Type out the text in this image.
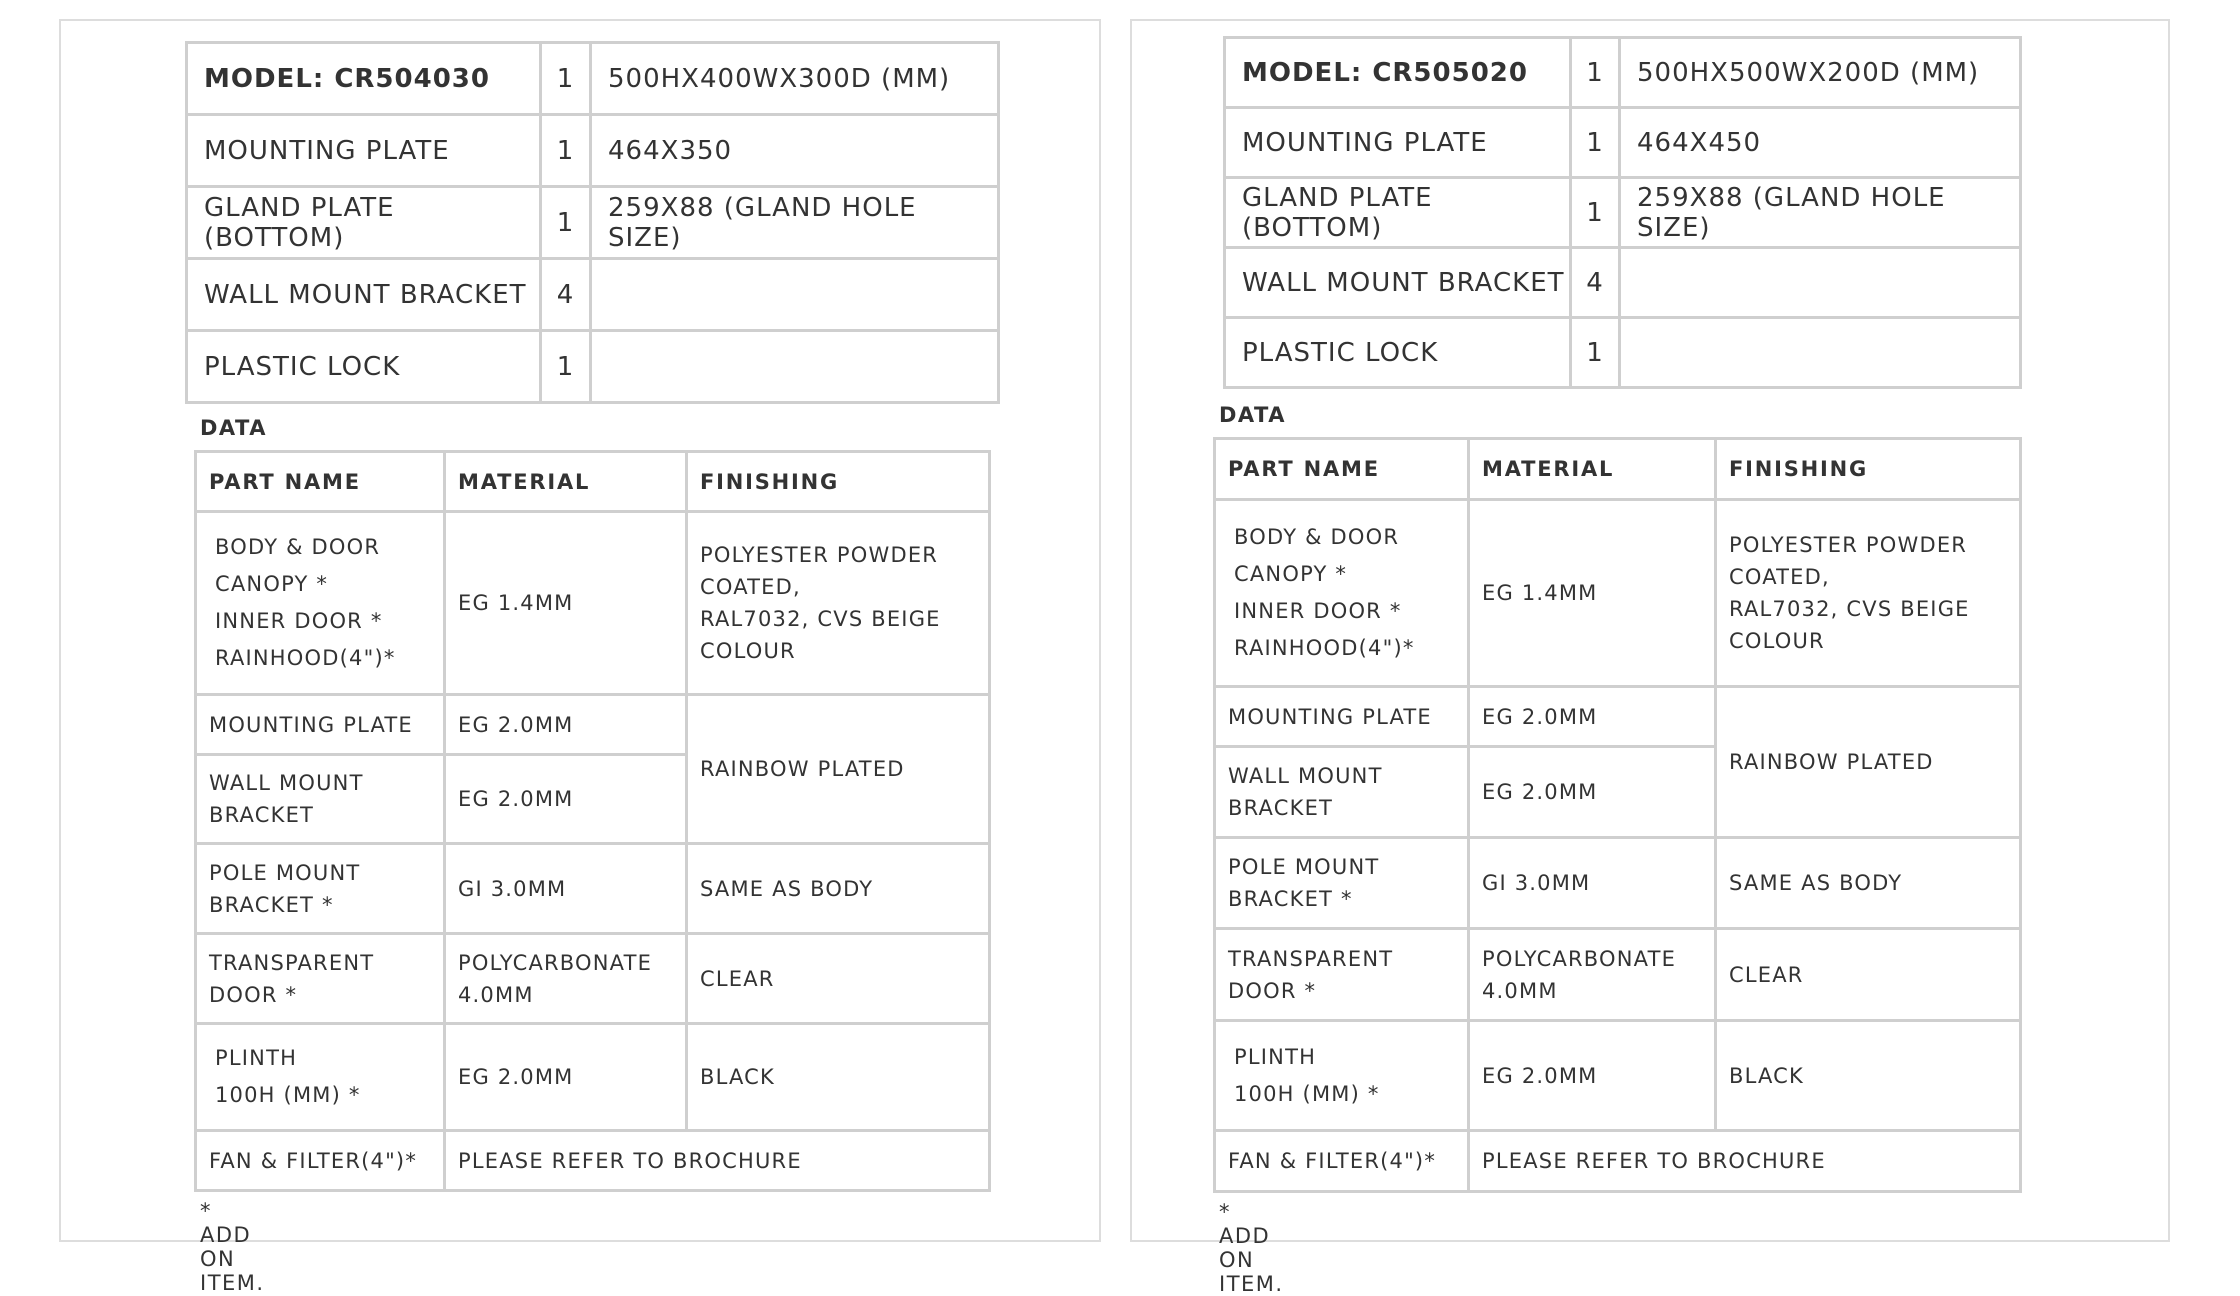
MODEL: CR504030	1	500HX400WX300D (MM)
MOUNTING PLATE	1	464X350
GLAND PLATE (BOTTOM)	1	259X88 (GLAND HOLE SIZE)
WALL MOUNT BRACKET	4	
PLASTIC LOCK	1	
DATA
PART NAME	MATERIAL	FINISHING

BODY & DOOR
CANOPY *
INNER DOOR *
RAINHOOD(4")*	EG 1.4MM	POLYESTER POWDER
COATED,
RAL7032, CVS BEIGE
COLOUR

MOUNTING PLATE	EG 2.0MM	RAINBOW PLATED

WALL MOUNT
BRACKET	EG 2.0MM	

POLE MOUNT
BRACKET *	GI 3.0MM	SAME AS BODY

TRANSPARENT
DOOR *	POLYCARBONATE
4.0MM	CLEAR

PLINTH
100H (MM) *	EG 2.0MM	BLACK
FAN & FILTER(4")*	PLEASE REFER TO BROCHURE	
* ADD ON ITEM.
MODEL: CR505020	1	500HX500WX200D (MM)
MOUNTING PLATE	1	464X450
GLAND PLATE (BOTTOM)	1	259X88 (GLAND HOLE SIZE)
WALL MOUNT BRACKET	4	
PLASTIC LOCK	1	
DATA
PART NAME	MATERIAL	FINISHING

BODY & DOOR
CANOPY *
INNER DOOR *
RAINHOOD(4")*	EG 1.4MM	POLYESTER POWDER
COATED,
RAL7032, CVS BEIGE
COLOUR

MOUNTING PLATE	EG 2.0MM	RAINBOW PLATED

WALL MOUNT
BRACKET	EG 2.0MM	

POLE MOUNT
BRACKET *	GI 3.0MM	SAME AS BODY

TRANSPARENT
DOOR *	POLYCARBONATE
4.0MM	CLEAR

PLINTH
100H (MM) *	EG 2.0MM	BLACK
FAN & FILTER(4")*	PLEASE REFER TO BROCHURE	
* ADD ON ITEM.
